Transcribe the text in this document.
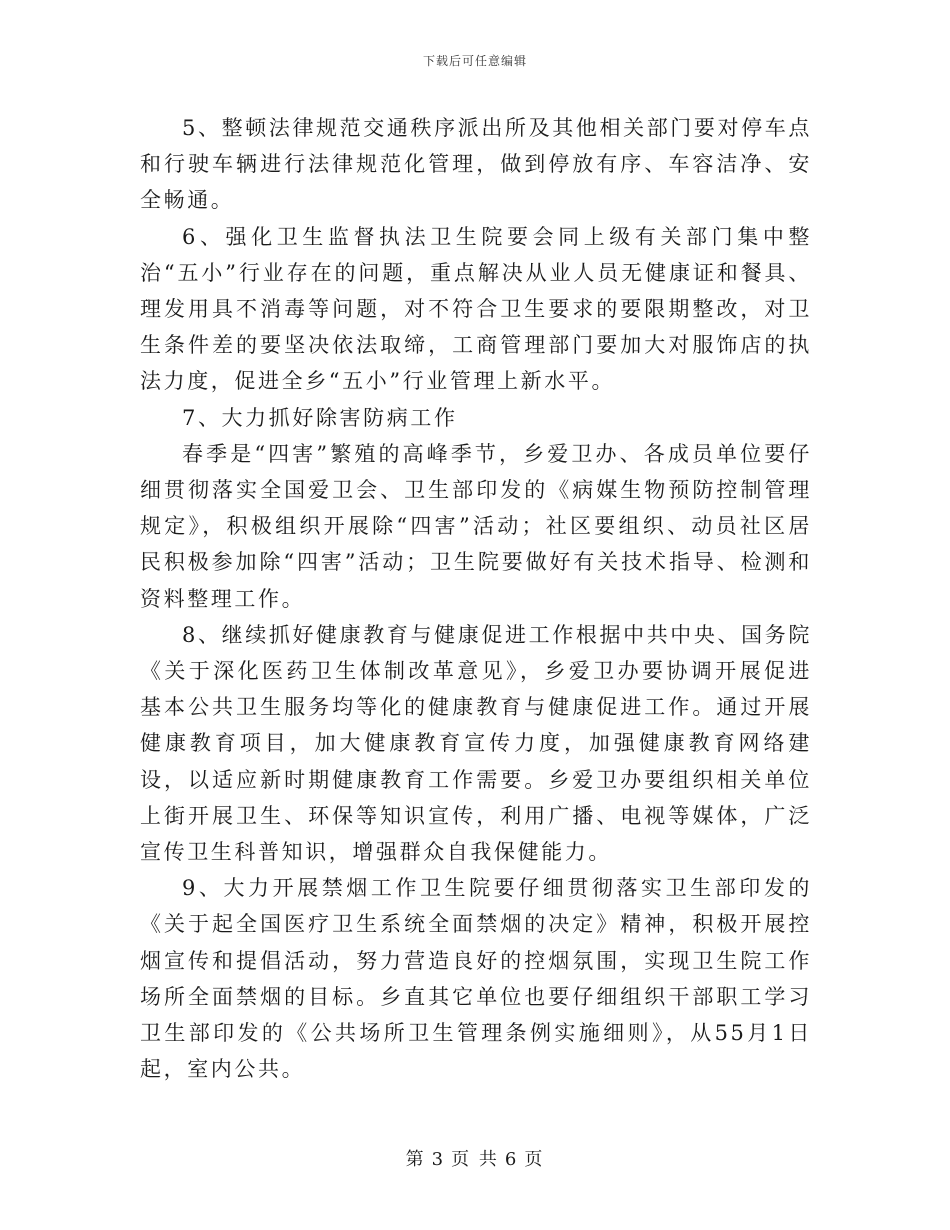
下载后可任意编辑

5、整顿法律规范交通秩序派出所及其他相关部门要对停车点和行驶车辆进行法律规范化管理，做到停放有序、车容洁净、安全畅通。

6、强化卫生监督执法卫生院要会同上级有关部门集中整治“五小”行业存在的问题，重点解决从业人员无健康证和餐具、理发用具不消毒等问题，对不符合卫生要求的要限期整改，对卫生条件差的要坚决依法取缔，工商管理部门要加大对服饰店的执法力度，促进全乡“五小”行业管理上新水平。

7、大力抓好除害防病工作

春季是“四害”繁殖的高峰季节，乡爱卫办、各成员单位要仔细贯彻落实全国爱卫会、卫生部印发的《病媒生物预防控制管理规定》，积极组织开展除“四害”活动；社区要组织、动员社区居民积极参加除“四害”活动；卫生院要做好有关技术指导、检测和资料整理工作。

8、继续抓好健康教育与健康促进工作根据中共中央、国务院《关于深化医药卫生体制改革意见》，乡爱卫办要协调开展促进基本公共卫生服务均等化的健康教育与健康促进工作。通过开展健康教育项目，加大健康教育宣传力度，加强健康教育网络建设，以适应新时期健康教育工作需要。乡爱卫办要组织相关单位上街开展卫生、环保等知识宣传，利用广播、电视等媒体，广泛宣传卫生科普知识，增强群众自我保健能力。

9、大力开展禁烟工作卫生院要仔细贯彻落实卫生部印发的《关于起全国医疗卫生系统全面禁烟的决定》精神，积极开展控烟宣传和提倡活动，努力营造良好的控烟氛围，实现卫生院工作场所全面禁烟的目标。乡直其它单位也要仔细组织干部职工学习卫生部印发的《公共场所卫生管理条例实施细则》，从55月1日起，室内公共。

第 3 页 共 6 页
